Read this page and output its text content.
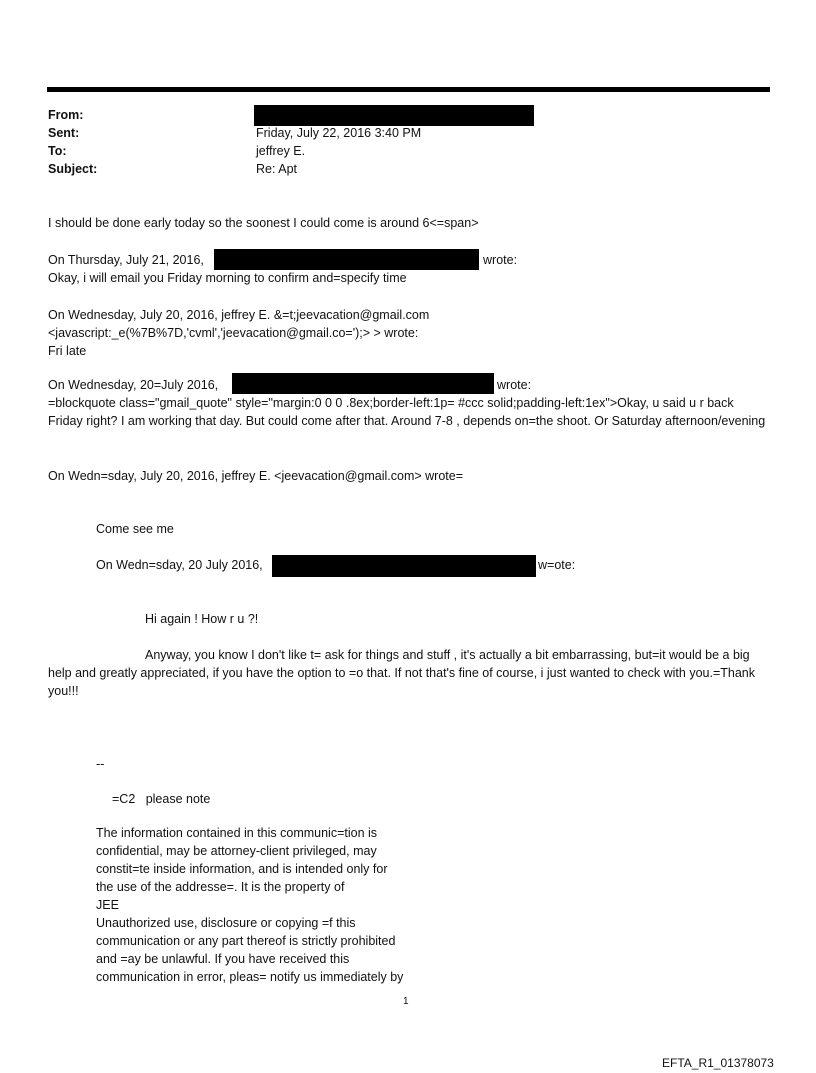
From:
Sent:	Friday, July 22, 2016 3:40 PM
To:	jeffrey E.
Subject:	Re: Apt
I should be done early today so the soonest I could come is around 6<=span>
On Thursday, July 21, 2016,	wrote:
Okay, i will email you Friday morning to confirm and=specify time
On Wednesday, July 20, 2016, jeffrey E. &=t;jeevacation@gmail.com
<javascript:_e(%7B%7D,'cvml','jeevacation@gmail.co=');> > wrote:
Fri late
On Wednesday, 20=July 2016,	wrote:
=blockquote class="gmail_quote" style="margin:0 0 0 .8ex;border-left:1p= #ccc solid;padding-left:1ex">Okay, u said u r back Friday right? I am working that day. But could come after that. Around 7-8 , depends on=the shoot. Or Saturday afternoon/evening
On Wedn=sday, July 20, 2016, jeffrey E. <jeevacation@gmail.com> wrote=
Come see me
On Wedn=sday, 20 July 2016,	w=ote:
Hi again ! How r u ?!
Anyway, you know I don't like t= ask for things and stuff , it's actually a bit embarrassing, but=it would be a big help and greatly appreciated, if you have the option to =o that. If not that's fine of course, i just wanted to check with you.=Thank you!!!
--
=C2   please note
The information contained in this communic=tion is
confidential, may be attorney-client privileged, may
constit=te inside information, and is intended only for
the use of the addresse=. It is the property of
JEE
Unauthorized use, disclosure or copying =f this
communication or any part thereof is strictly prohibited
and =ay be unlawful. If you have received this
communication in error, pleas= notify us immediately by
1
EFTA_R1_01378073
